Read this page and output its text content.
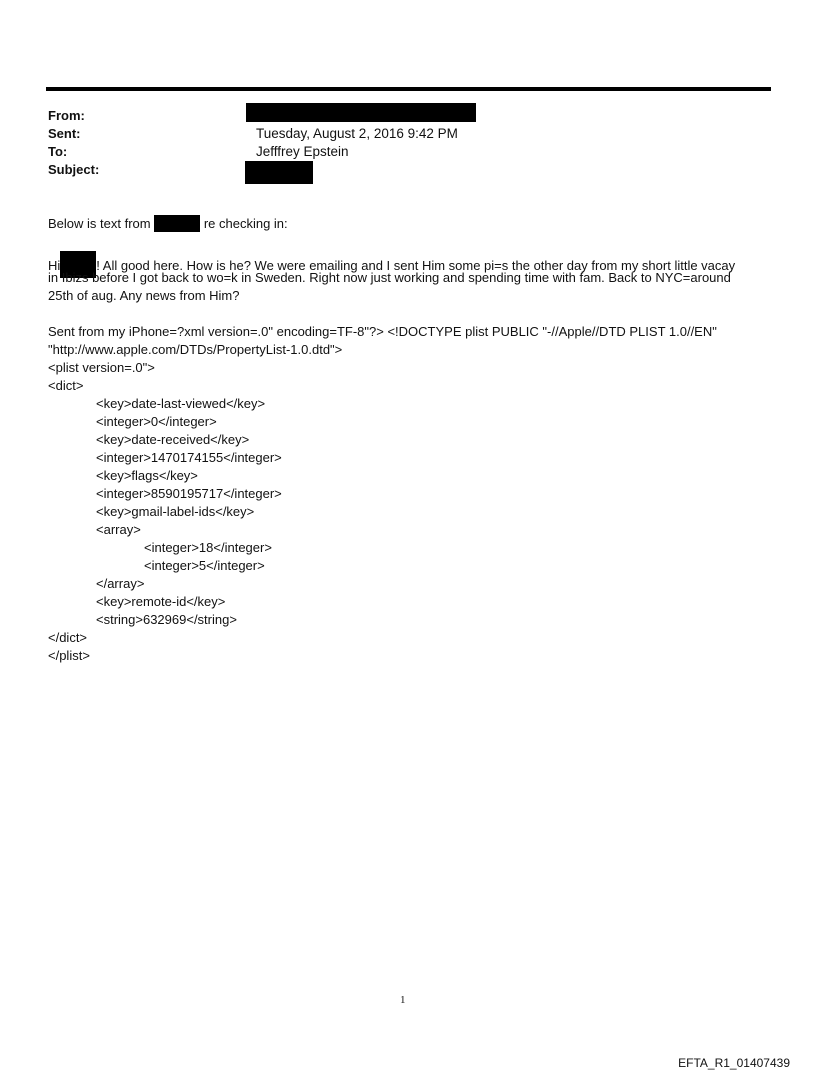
From:
Sent:
To:
Subject:
Tuesday, August 2, 2016 9:42 PM
Jefffrey Epstein
Below is text from	re checking in:
Hi	! All good here. How is he? We were emailing and I sent Him some pi=s the other day from my short little vacay
in Ibizs before I got back to wo=k in Sweden. Right now just working and spending time with fam. Back to NYC=around
25th of aug. Any news from Him?
Sent from my iPhone=?xml version=.0" encoding=TF-8"?> <!DOCTYPE plist PUBLIC "-//Apple//DTD PLIST 1.0//EN"
"http://www.apple.com/DTDs/PropertyList-1.0.dtd">
<plist version=.0">
<dict>
<key>date-last-viewed</key>
<integer>0</integer>
<key>date-received</key>
<integer>1470174155</integer>
<key>flags</key>
<integer>8590195717</integer>
<key>gmail-label-ids</key>
<array>
<integer>18</integer>
<integer>5</integer>
</array>
<key>remote-id</key>
<string>632969</string>
</dict>
</plist>
1
EFTA_R1_01407439
